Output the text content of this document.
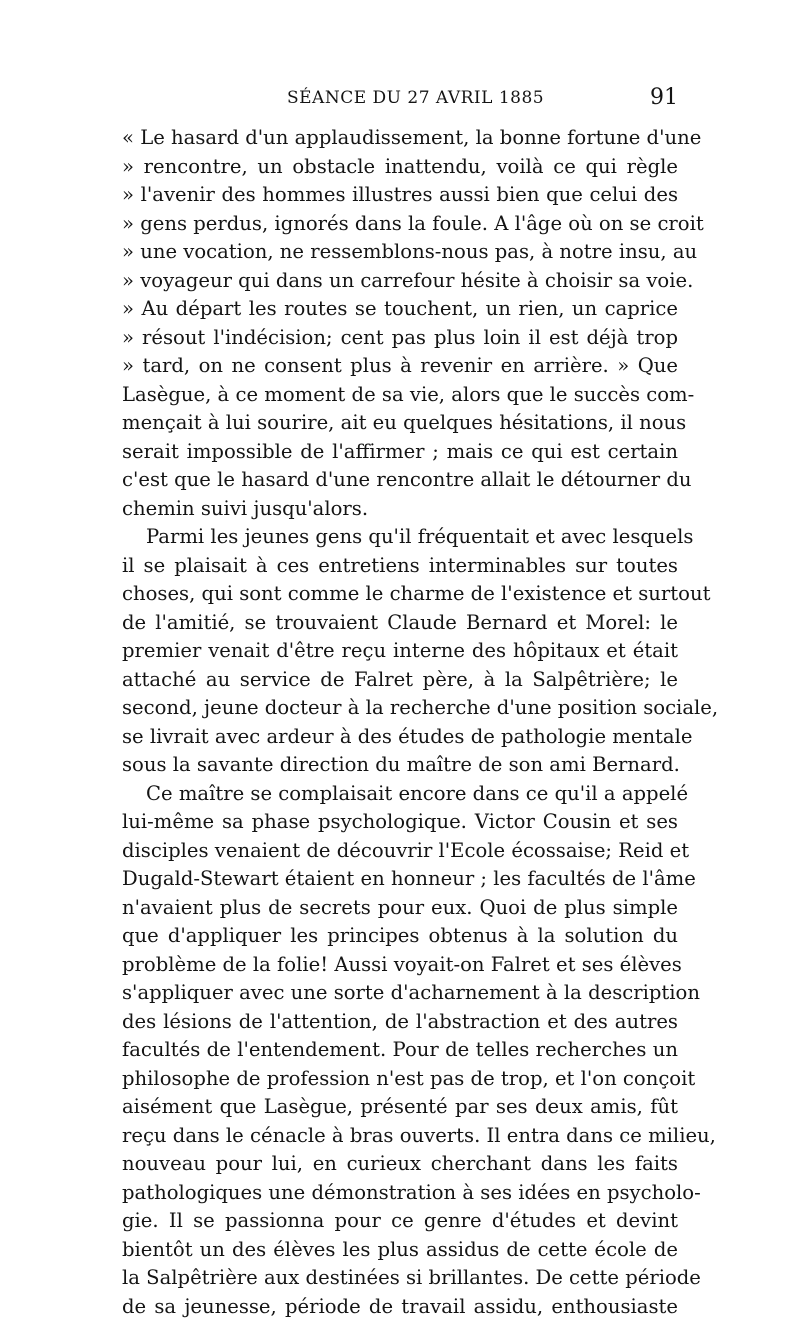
SÉANCE DU 27 AVRIL 1885	91
« Le hasard d'un applaudissement, la bonne fortune d'une
» rencontre, un obstacle inattendu, voilà ce qui règle
» l'avenir des hommes illustres aussi bien que celui des
» gens perdus, ignorés dans la foule. A l'âge où on se croit
» une vocation, ne ressemblons-nous pas, à notre insu, au
» voyageur qui dans un carrefour hésite à choisir sa voie.
» Au départ les routes se touchent, un rien, un caprice
» résout l'indécision; cent pas plus loin il est déjà trop
» tard, on ne consent plus à revenir en arrière. » Que
Lasègue, à ce moment de sa vie, alors que le succès com-
mençait à lui sourire, ait eu quelques hésitations, il nous
serait impossible de l'affirmer ; mais ce qui est certain
c'est que le hasard d'une rencontre allait le détourner du
chemin suivi jusqu'alors.
Parmi les jeunes gens qu'il fréquentait et avec lesquels
il se plaisait à ces entretiens interminables sur toutes
choses, qui sont comme le charme de l'existence et surtout
de l'amitié, se trouvaient Claude Bernard et Morel: le
premier venait d'être reçu interne des hôpitaux et était
attaché au service de Falret père, à la Salpêtrière; le
second, jeune docteur à la recherche d'une position sociale,
se livrait avec ardeur à des études de pathologie mentale
sous la savante direction du maître de son ami Bernard.
Ce maître se complaisait encore dans ce qu'il a appelé
lui-même sa phase psychologique. Victor Cousin et ses
disciples venaient de découvrir l'Ecole écossaise; Reid et
Dugald-Stewart étaient en honneur ; les facultés de l'âme
n'avaient plus de secrets pour eux. Quoi de plus simple
que d'appliquer les principes obtenus à la solution du
problème de la folie! Aussi voyait-on Falret et ses élèves
s'appliquer avec une sorte d'acharnement à la description
des lésions de l'attention, de l'abstraction et des autres
facultés de l'entendement. Pour de telles recherches un
philosophe de profession n'est pas de trop, et l'on conçoit
aisément que Lasègue, présenté par ses deux amis, fût
reçu dans le cénacle à bras ouverts. Il entra dans ce milieu,
nouveau pour lui, en curieux cherchant dans les faits
pathologiques une démonstration à ses idées en psycholo-
gie. Il se passionna pour ce genre d'études et devint
bientôt un des élèves les plus assidus de cette école de
la Salpêtrière aux destinées si brillantes. De cette période
de sa jeunesse, période de travail assidu, enthousiaste
